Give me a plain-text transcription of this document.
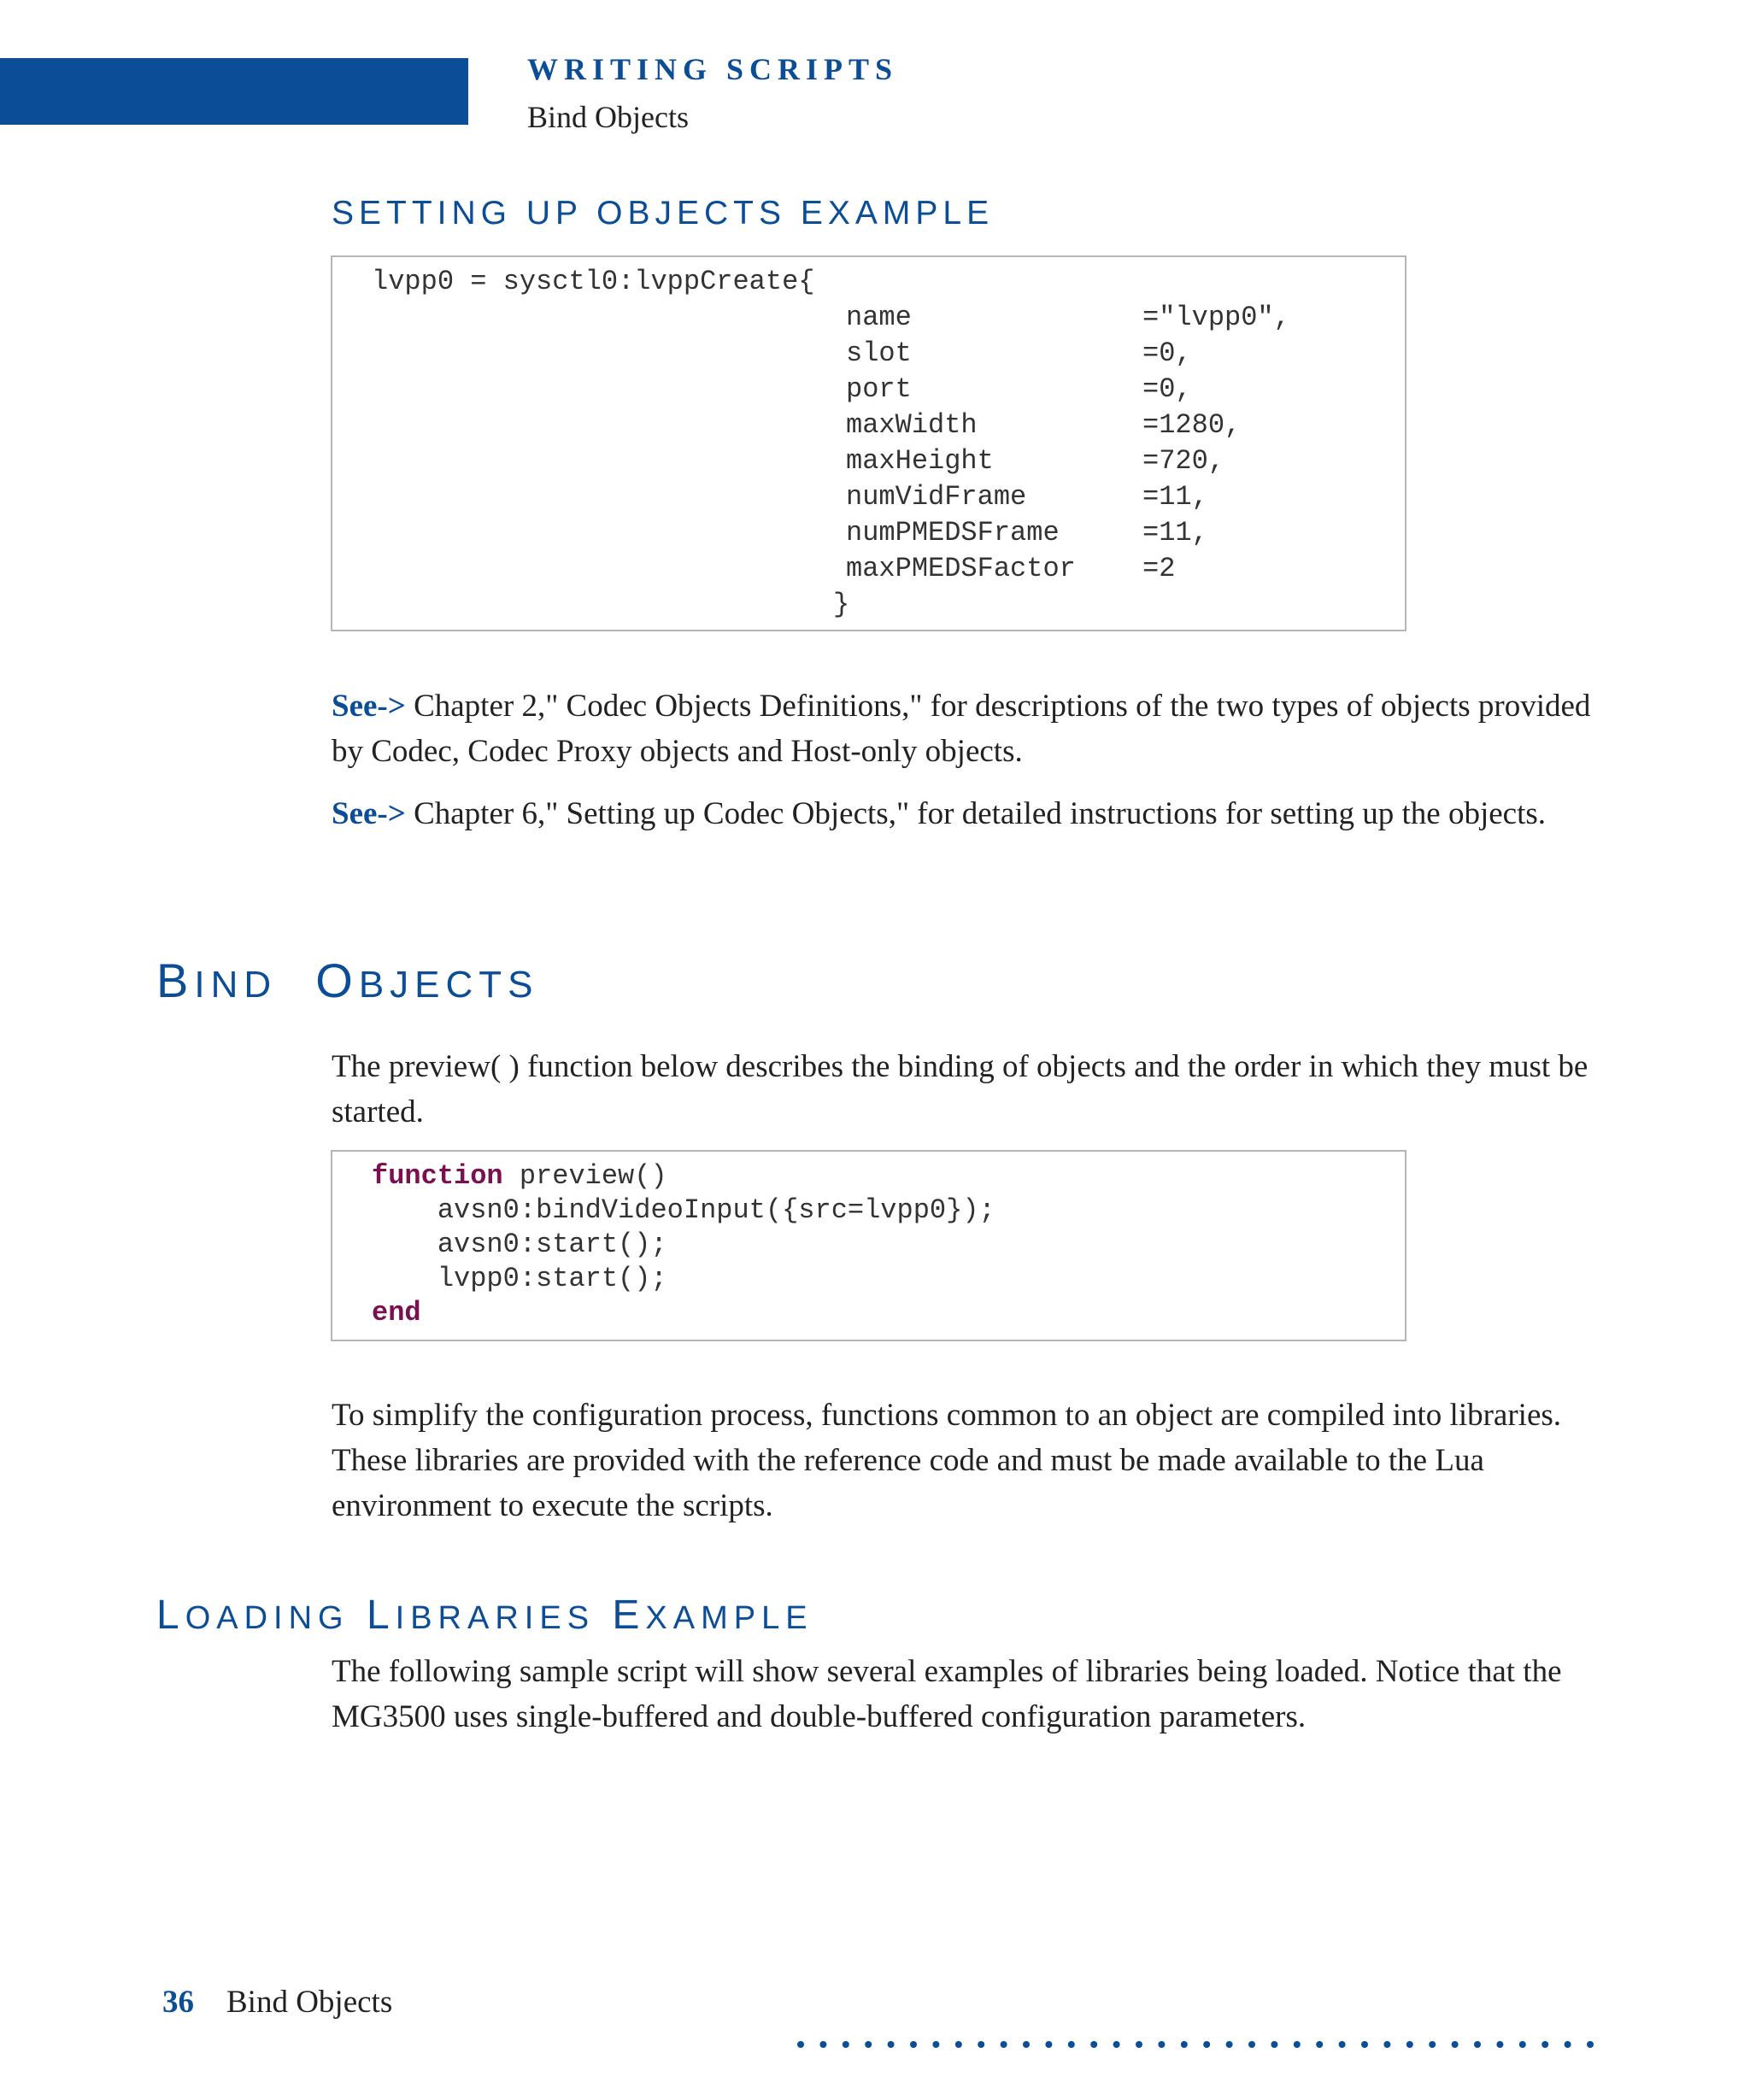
WRITING SCRIPTS
Bind Objects
SETTING UP OBJECTS EXAMPLE
lvpp0 = sysctl0:lvppCreate{
name	="lvpp0",
slot	=0,
port	=0,
maxWidth	=1280,
maxHeight	=720,
numVidFrame	=11,
numPMEDSFrame	=11,
maxPMEDSFactor =2
}

See-> Chapter 2," Codec Objects Definitions," for descriptions of the two types of objects provided by Codec, Codec Proxy objects and Host-only objects.

See-> Chapter 6," Setting up Codec Objects," for detailed instructions for setting up the objects.

BIND OBJECTS

The preview( ) function below describes the binding of objects and the order in which they must be started.

function preview()
avsn0:bindVideoInput({src=lvpp0});
avsn0:start();
lvpp0:start();
end

To simplify the configuration process, functions common to an object are compiled into libraries. These libraries are provided with the reference code and must be made available to the Lua environment to execute the scripts.

LOADING LIBRARIES EXAMPLE

The following sample script will show several examples of libraries being loaded. Notice that the MG3500 uses single-buffered and double-buffered configuration parameters.

36 Bind Objects
